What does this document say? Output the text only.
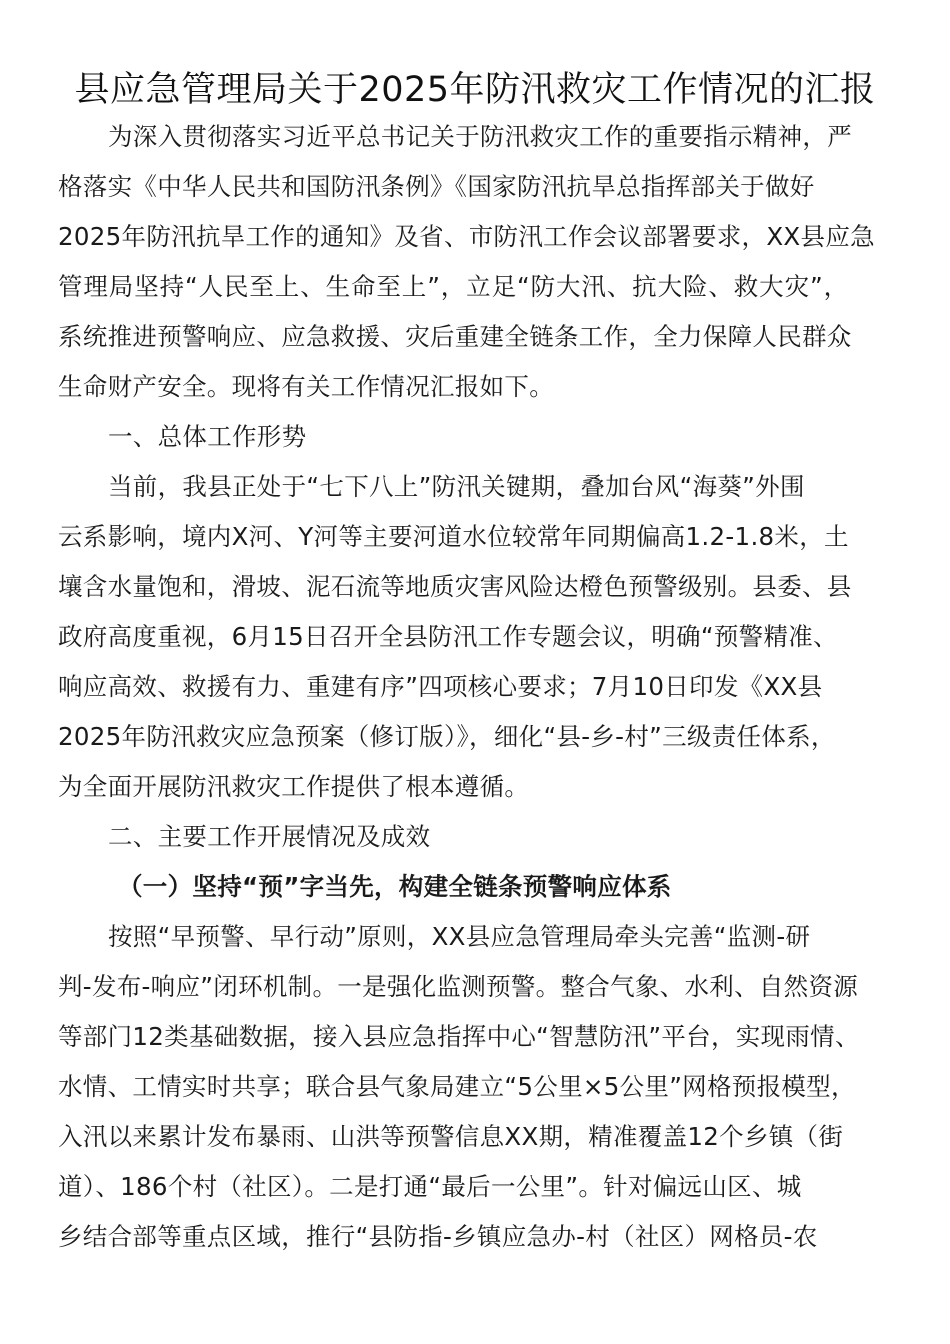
县应急管理局关于2025年防汛救灾工作情况的汇报
为深入贯彻落实习近平总书记关于防汛救灾工作的重要指示精神，严
格落实《中华人民共和国防汛条例》《国家防汛抗旱总指挥部关于做好
2025年防汛抗旱工作的通知》及省、市防汛工作会议部署要求，XX县应急
管理局坚持“人民至上、生命至上”，立足“防大汛、抗大险、救大灾”，
系统推进预警响应、应急救援、灾后重建全链条工作，全力保障人民群众
生命财产安全。现将有关工作情况汇报如下。
一、总体工作形势
当前，我县正处于“七下八上”防汛关键期，叠加台风“海葵”外围
云系影响，境内X河、Y河等主要河道水位较常年同期偏高1.2-1.8米，土
壤含水量饱和，滑坡、泥石流等地质灾害风险达橙色预警级别。县委、县
政府高度重视，6月15日召开全县防汛工作专题会议，明确“预警精准、
响应高效、救援有力、重建有序”四项核心要求；7月10日印发《XX县
2025年防汛救灾应急预案（修订版）》，细化“县-乡-村”三级责任体系，
为全面开展防汛救灾工作提供了根本遵循。
二、主要工作开展情况及成效
（一）坚持“预”字当先，构建全链条预警响应体系
按照“早预警、早行动”原则，XX县应急管理局牵头完善“监测-研
判-发布-响应”闭环机制。一是强化监测预警。整合气象、水利、自然资源
等部门12类基础数据，接入县应急指挥中心“智慧防汛”平台，实现雨情、
水情、工情实时共享；联合县气象局建立“5公里×5公里”网格预报模型，
入汛以来累计发布暴雨、山洪等预警信息XX期，精准覆盖12个乡镇（街
道）、186个村（社区）。二是打通“最后一公里”。针对偏远山区、城
乡结合部等重点区域，推行“县防指-乡镇应急办-村（社区）网格员-农
